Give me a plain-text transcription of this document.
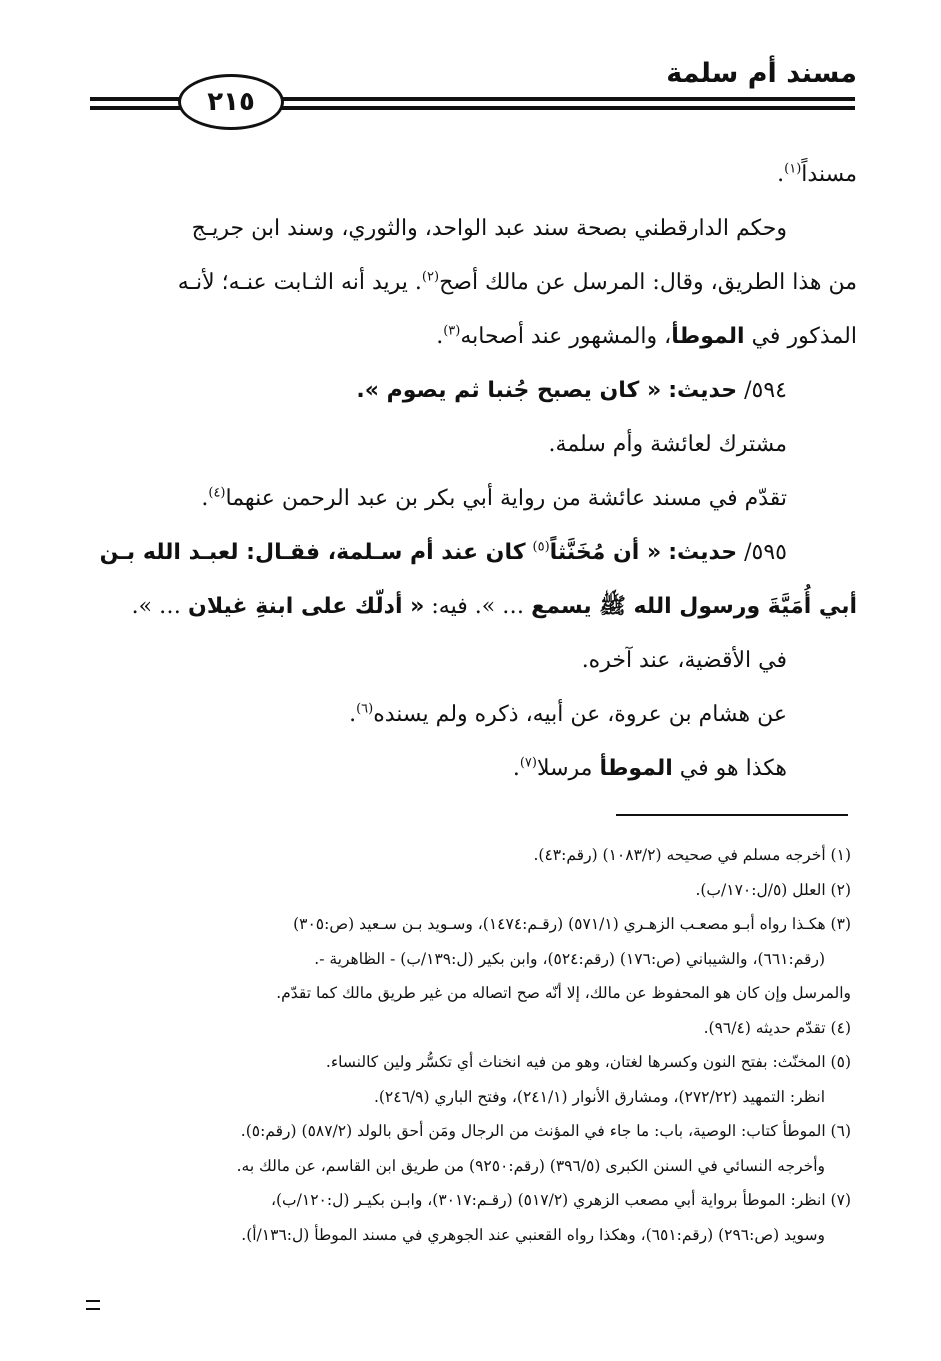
مسند أم سلمة
٢١٥
مسنداً$^{(١)}$.
وحكم الدارقطني بصحة سند عبد الواحد، والثوري، وسند ابن جريـج
من هذا الطريق، وقال: المرسل عن مالك أصح$^{(٢)}$. يريد أنه الثـابت عنـه؛ لأنـه
المذكور في الموطأ، والمشهور عند أصحابه$^{(٣)}$.
٥٩٤/ حديث: « كان يصبح جُنبا ثم يصوم ».
مشترك لعائشة وأم سلمة.
تقدّم في مسند عائشة من رواية أبي بكر بن عبد الرحمن عنهما$^{(٤)}$.
٥٩٥/ حديث: « أن مُخَنَّثاً$^{(٥)}$ كان عند أم سـلمة، فقـال: لعبـد الله بـن
أبي أُمَيَّةَ ورسول الله ﷺ يسمع … ». فيه: « أدلّك على ابنةِ غيلان … ».
في الأقضية، عند آخره.
عن هشام بن عروة، عن أبيه، ذكره ولم يسنده$^{(٦)}$.
هكذا هو في الموطأ مرسلا$^{(٧)}$.
(١) أخرجه مسلم في صحيحه (١٠٨٣/٢) (رقم:٤٣).
(٢) العلل (٥/ل:١٧٠/ب).
(٣) هكـذا رواه أبـو مصعـب الزهـري (٥٧١/١) (رقـم:١٤٧٤)، وسـويد بـن سـعيد (ص:٣٠٥)
(رقم:٦٦١)، والشيباني (ص:١٧٦) (رقم:٥٢٤)، وابن بكير (ل:١٣٩/ب) - الظاهرية -.
والمرسل وإن كان هو المحفوظ عن مالك، إلا أنّه صح اتصاله من غير طريق مالك كما تقدّم.
(٤) تقدّم حديثه (٩٦/٤).
(٥) المخنّث: بفتح النون وكسرها لغتان، وهو من فيه انخناث أي تكسُّر ولين كالنساء.
انظر: التمهيد (٢٧٢/٢٢)، ومشارق الأنوار (٢٤١/١)، وفتح الباري (٢٤٦/٩).
(٦) الموطأ كتاب: الوصية، باب: ما جاء في المؤنث من الرجال ومَن أحق بالولد (٥٨٧/٢) (رقم:٥).
وأخرجه النسائي في السنن الكبرى (٣٩٦/٥) (رقم:٩٢٥٠) من طريق ابن القاسم، عن مالك به.
(٧) انظر: الموطأ برواية أبي مصعب الزهري (٥١٧/٢) (رقـم:٣٠١٧)، وابـن بكيـر (ل:١٢٠/ب)،
وسويد (ص:٢٩٦) (رقم:٦٥١)، وهكذا رواه القعنبي عند الجوهري في مسند الموطأ (ل:١٣٦/أ).
